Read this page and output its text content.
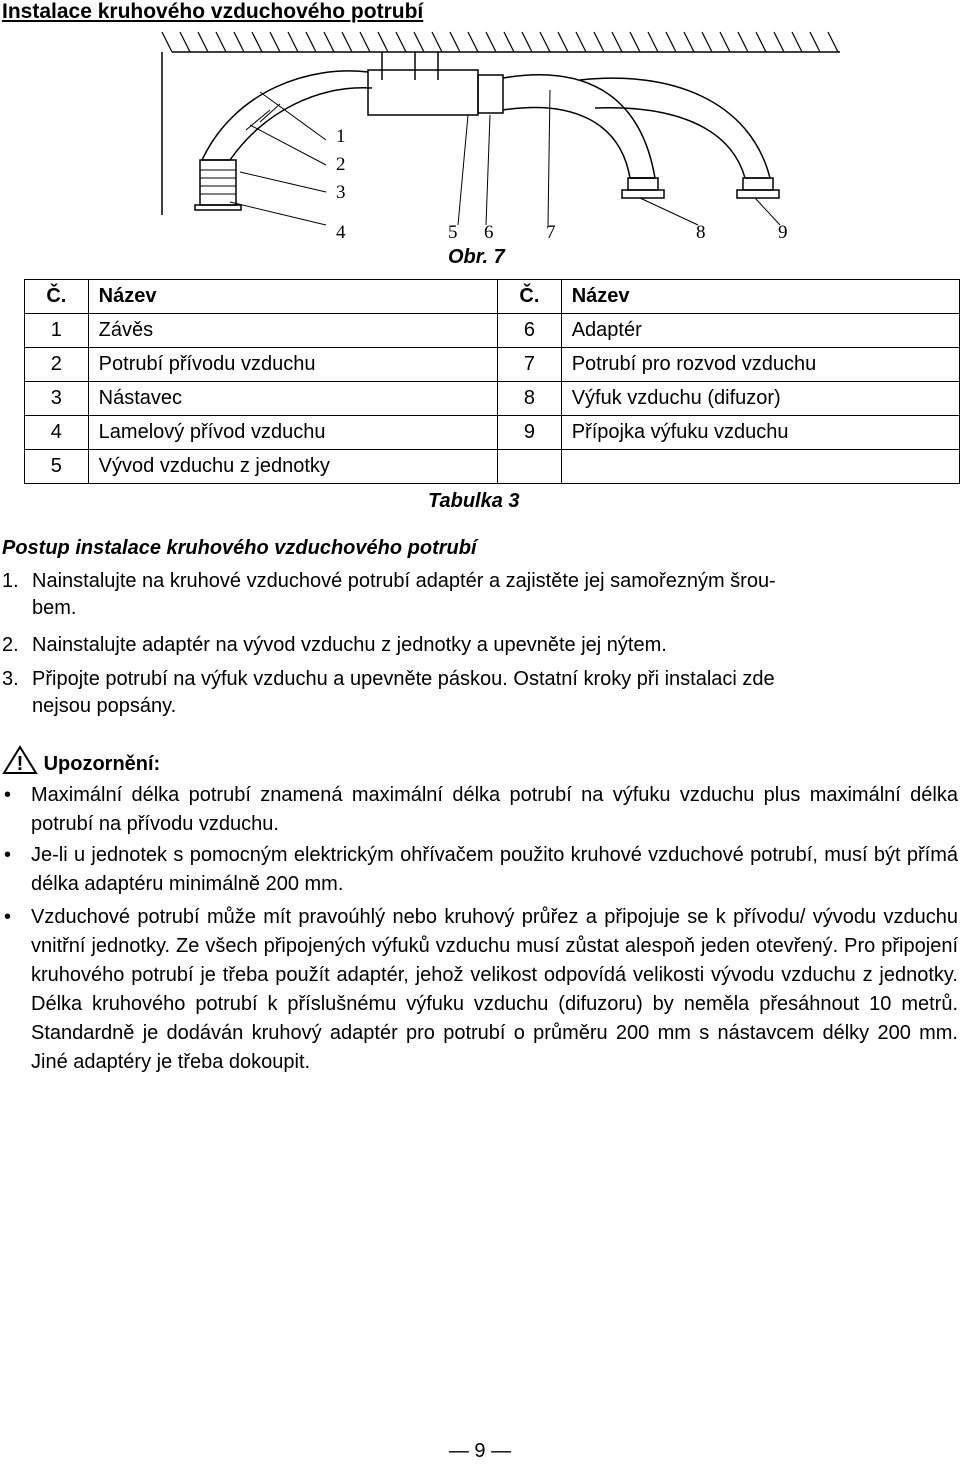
Instalace kruhového vzduchového potrubí
1
2
3
4	5 6	7	8	9
Obr. 7
Č.	Název	Č.	Název
1	Závěs	6	Adaptér
2	Potrubí přívodu vzduchu	7	Potrubí pro rozvod vzduchu
3	Nástavec	8	Výfuk vzduchu (difuzor)
4	Lamelový přívod vzduchu	9	Přípojka výfuku vzduchu
5	Vývod vzduchu z jednotky		
Tabulka 3
Postup instalace kruhového vzduchového potrubí
1. Nainstalujte na kruhové vzduchové potrubí adaptér a zajistěte jej samořezným šrou-
bem.
2. Nainstalujte adaptér na vývod vzduchu z jednotky a upevněte jej nýtem.
3. Připojte potrubí na výfuk vzduchu a upevněte páskou. Ostatní kroky při instalaci zde
nejsou popsány.
! Upozornění:
• Maximální délka potrubí znamená maximální délka potrubí na výfuku vzduchu plus maximální délka potrubí na přívodu vzduchu.
• Je-li u jednotek s pomocným elektrickým ohřívačem použito kruhové vzduchové potrubí, musí být přímá délka adaptéru minimálně 200 mm.
• Vzduchové potrubí může mít pravoúhlý nebo kruhový průřez a připojuje se k přívodu/ vývodu vzduchu vnitřní jednotky. Ze všech připojených výfuků vzduchu musí zůstat alespoň jeden otevřený. Pro připojení kruhového potrubí je třeba použít adaptér, jehož velikost odpovídá velikosti vývodu vzduchu z jednotky. Délka kruhového potrubí k příslušnému výfuku vzduchu (difuzoru) by neměla přesáhnout 10 metrů. Standardně je dodáván kruhový adaptér pro potrubí o průměru 200 mm s nástavcem délky 200 mm. Jiné adaptéry je třeba dokoupit.
— 9 —
